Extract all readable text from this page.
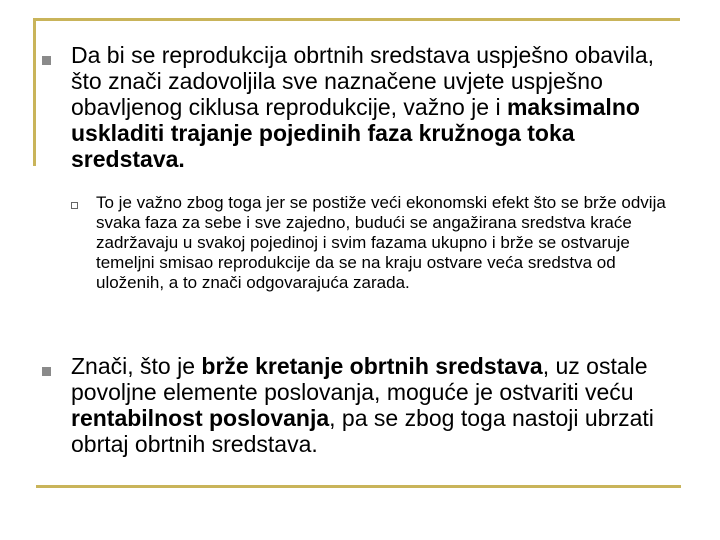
Da bi se reprodukcija obrtnih sredstava uspješno obavila, što znači zadovoljila sve naznačene uvjete uspješno obavljenog ciklusa reprodukcije, važno je i maksimalno uskladiti trajanje pojedinih faza kružnoga toka sredstava.

To je važno zbog toga jer se postiže veći ekonomski efekt što se brže odvija svaka faza za sebe i sve zajedno, budući se angažirana sredstva kraće zadržavaju u svakoj pojedinoj i svim fazama ukupno i brže se ostvaruje temeljni smisao reprodukcije da se na kraju ostvare veća sredstva od uloženih, a to znači odgovarajuća zarada.

Znači, što je brže kretanje obrtnih sredstava, uz ostale povoljne elemente poslovanja, moguće je ostvariti veću rentabilnost poslovanja, pa se zbog toga nastoji ubrzati obrtaj obrtnih sredstava.
